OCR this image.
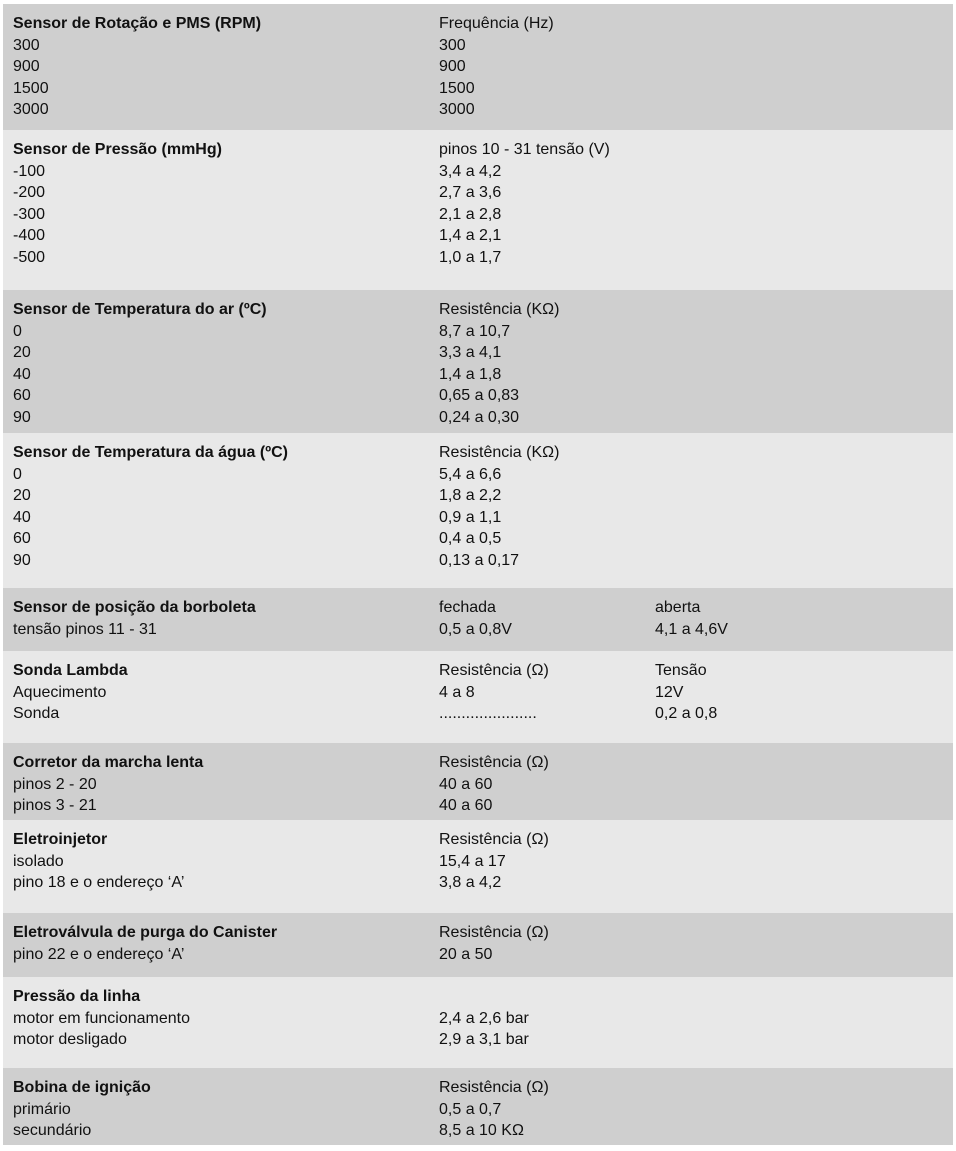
Sensor de Rotação e PMS (RPM)	Frequência (Hz)
300	300
900	900
1500	1500
3000	3000
Sensor de Pressão (mmHg)	pinos 10 - 31 tensão (V)
-100	3,4 a 4,2
-200	2,7 a 3,6
-300	2,1 a 2,8
-400	1,4 a 2,1
-500	1,0 a 1,7
Sensor de Temperatura do ar (ºC)	Resistência (KΩ)
0	8,7 a 10,7
20	3,3 a 4,1
40	1,4 a 1,8
60	0,65 a 0,83
90	0,24 a 0,30
Sensor de Temperatura da água (ºC)	Resistência (KΩ)
0	5,4 a 6,6
20	1,8 a 2,2
40	0,9 a 1,1
60	0,4 a 0,5
90	0,13 a 0,17
Sensor de posição da borboleta	fechada	aberta
tensão pinos 11 - 31	0,5 a 0,8V	4,1 a 4,6V
Sonda Lambda	Resistência (Ω)	Tensão
Aquecimento	4 a 8	12V
Sonda	......................	0,2 a 0,8
Corretor da marcha lenta	Resistência (Ω)
pinos 2 - 20	40 a 60
pinos 3 - 21	40 a 60
Eletroinjetor	Resistência (Ω)
isolado	15,4 a 17
pino 18 e o endereço ‘A’	3,8 a 4,2
Eletroválvula de purga do Canister	Resistência (Ω)
pino 22 e o endereço ‘A’	20 a 50
Pressão da linha
motor em funcionamento	2,4 a 2,6 bar
motor desligado	2,9 a 3,1 bar
Bobina de ignição	Resistência (Ω)
primário	0,5 a 0,7
secundário	8,5 a 10 KΩ
